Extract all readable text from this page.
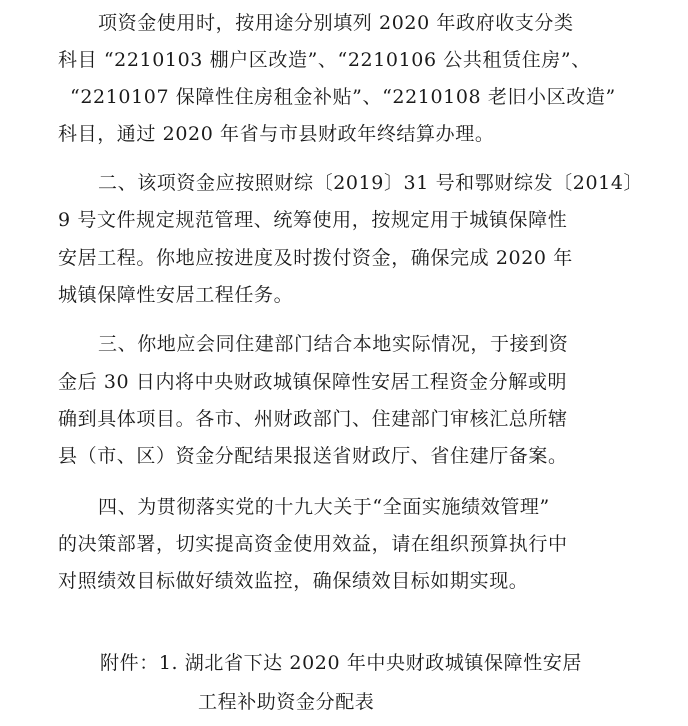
项资金使用时，按用途分别填列 2020 年政府收支分类
科目 “2210103 棚户区改造”、“2210106 公共租赁住房”、
“2210107 保障性住房租金补贴”、“2210108 老旧小区改造”
科目，通过 2020 年省与市县财政年终结算办理。
二、该项资金应按照财综〔2019〕31 号和鄂财综发〔2014〕
9 号文件规定规范管理、统筹使用，按规定用于城镇保障性
安居工程。你地应按进度及时拨付资金，确保完成 2020 年
城镇保障性安居工程任务。
三、你地应会同住建部门结合本地实际情况，于接到资
金后 30 日内将中央财政城镇保障性安居工程资金分解或明
确到具体项目。各市、州财政部门、住建部门审核汇总所辖
县（市、区）资金分配结果报送省财政厅、省住建厅备案。
四、为贯彻落实党的十九大关于“全面实施绩效管理”
的决策部署，切实提高资金使用效益，请在组织预算执行中
对照绩效目标做好绩效监控，确保绩效目标如期实现。
附件：1. 湖北省下达 2020 年中央财政城镇保障性安居
工程补助资金分配表
